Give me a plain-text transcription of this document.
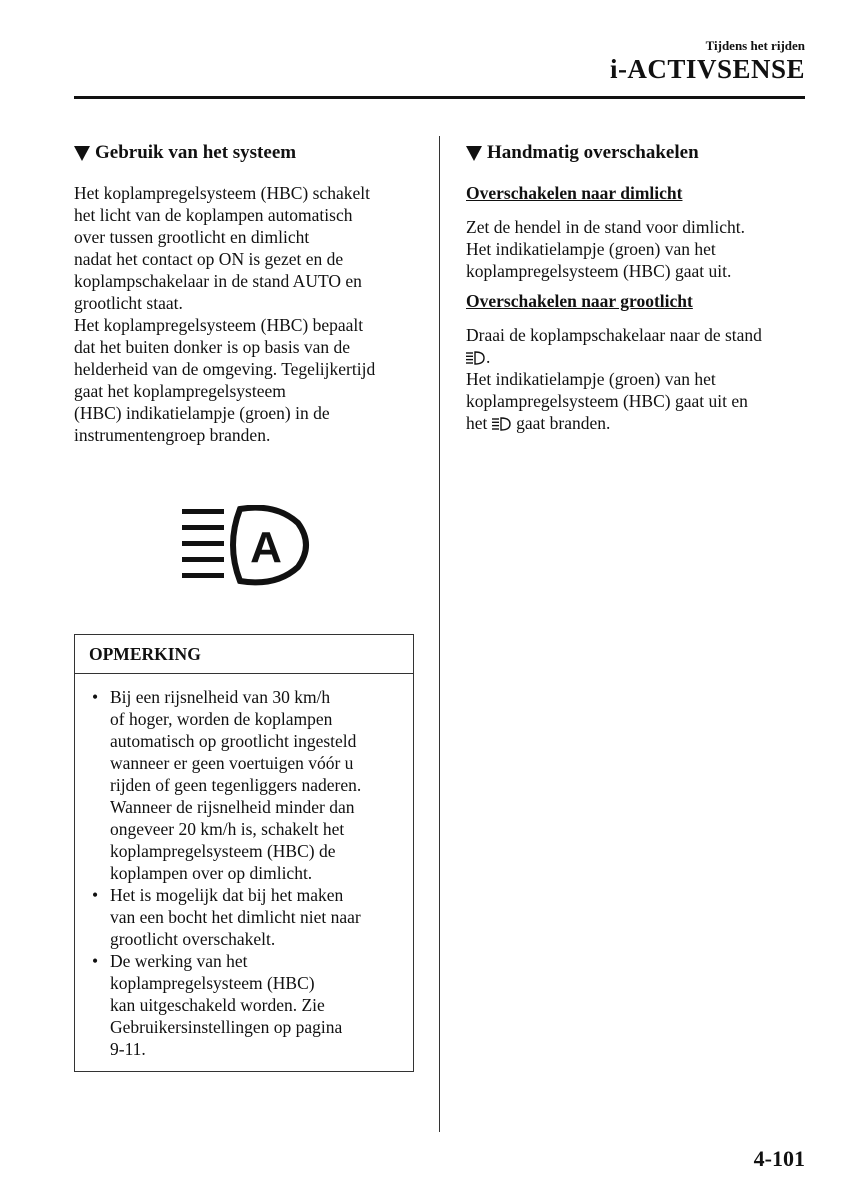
Tijdens het rijden
i-ACTIVSENSE
Gebruik van het systeem

Het koplampregelsysteem (HBC) schakelt
het licht van de koplampen automatisch
over tussen grootlicht en dimlicht
nadat het contact op ON is gezet en de
koplampschakelaar in de stand AUTO en
grootlicht staat.
Het koplampregelsysteem (HBC) bepaalt
dat het buiten donker is op basis van de
helderheid van de omgeving. Tegelijkertijd
gaat het koplampregelsysteem
(HBC) indikatielampje (groen) in de
instrumentengroep branden.

A
OPMERKING
• Bij een rijsnelheid van 30 km/h
of hoger, worden de koplampen
automatisch op grootlicht ingesteld
wanneer er geen voertuigen vóór u
rijden of geen tegenliggers naderen.
Wanneer de rijsnelheid minder dan
ongeveer 20 km/h is, schakelt het
koplampregelsysteem (HBC) de
koplampen over op dimlicht.
• Het is mogelijk dat bij het maken
van een bocht het dimlicht niet naar
grootlicht overschakelt.
• De werking van het
koplampregelsysteem (HBC)
kan uitgeschakeld worden. Zie
Gebruikersinstellingen op pagina
9-11.
Handmatig overschakelen
Overschakelen naar dimlicht

Zet de hendel in de stand voor dimlicht.
Het indikatielampje (groen) van het
koplampregelsysteem (HBC) gaat uit.

Overschakelen naar grootlicht

Draai de koplampschakelaar naar de stand
.
Het indikatielampje (groen) van het
koplampregelsysteem (HBC) gaat uit en
het gaat branden.

4-101
